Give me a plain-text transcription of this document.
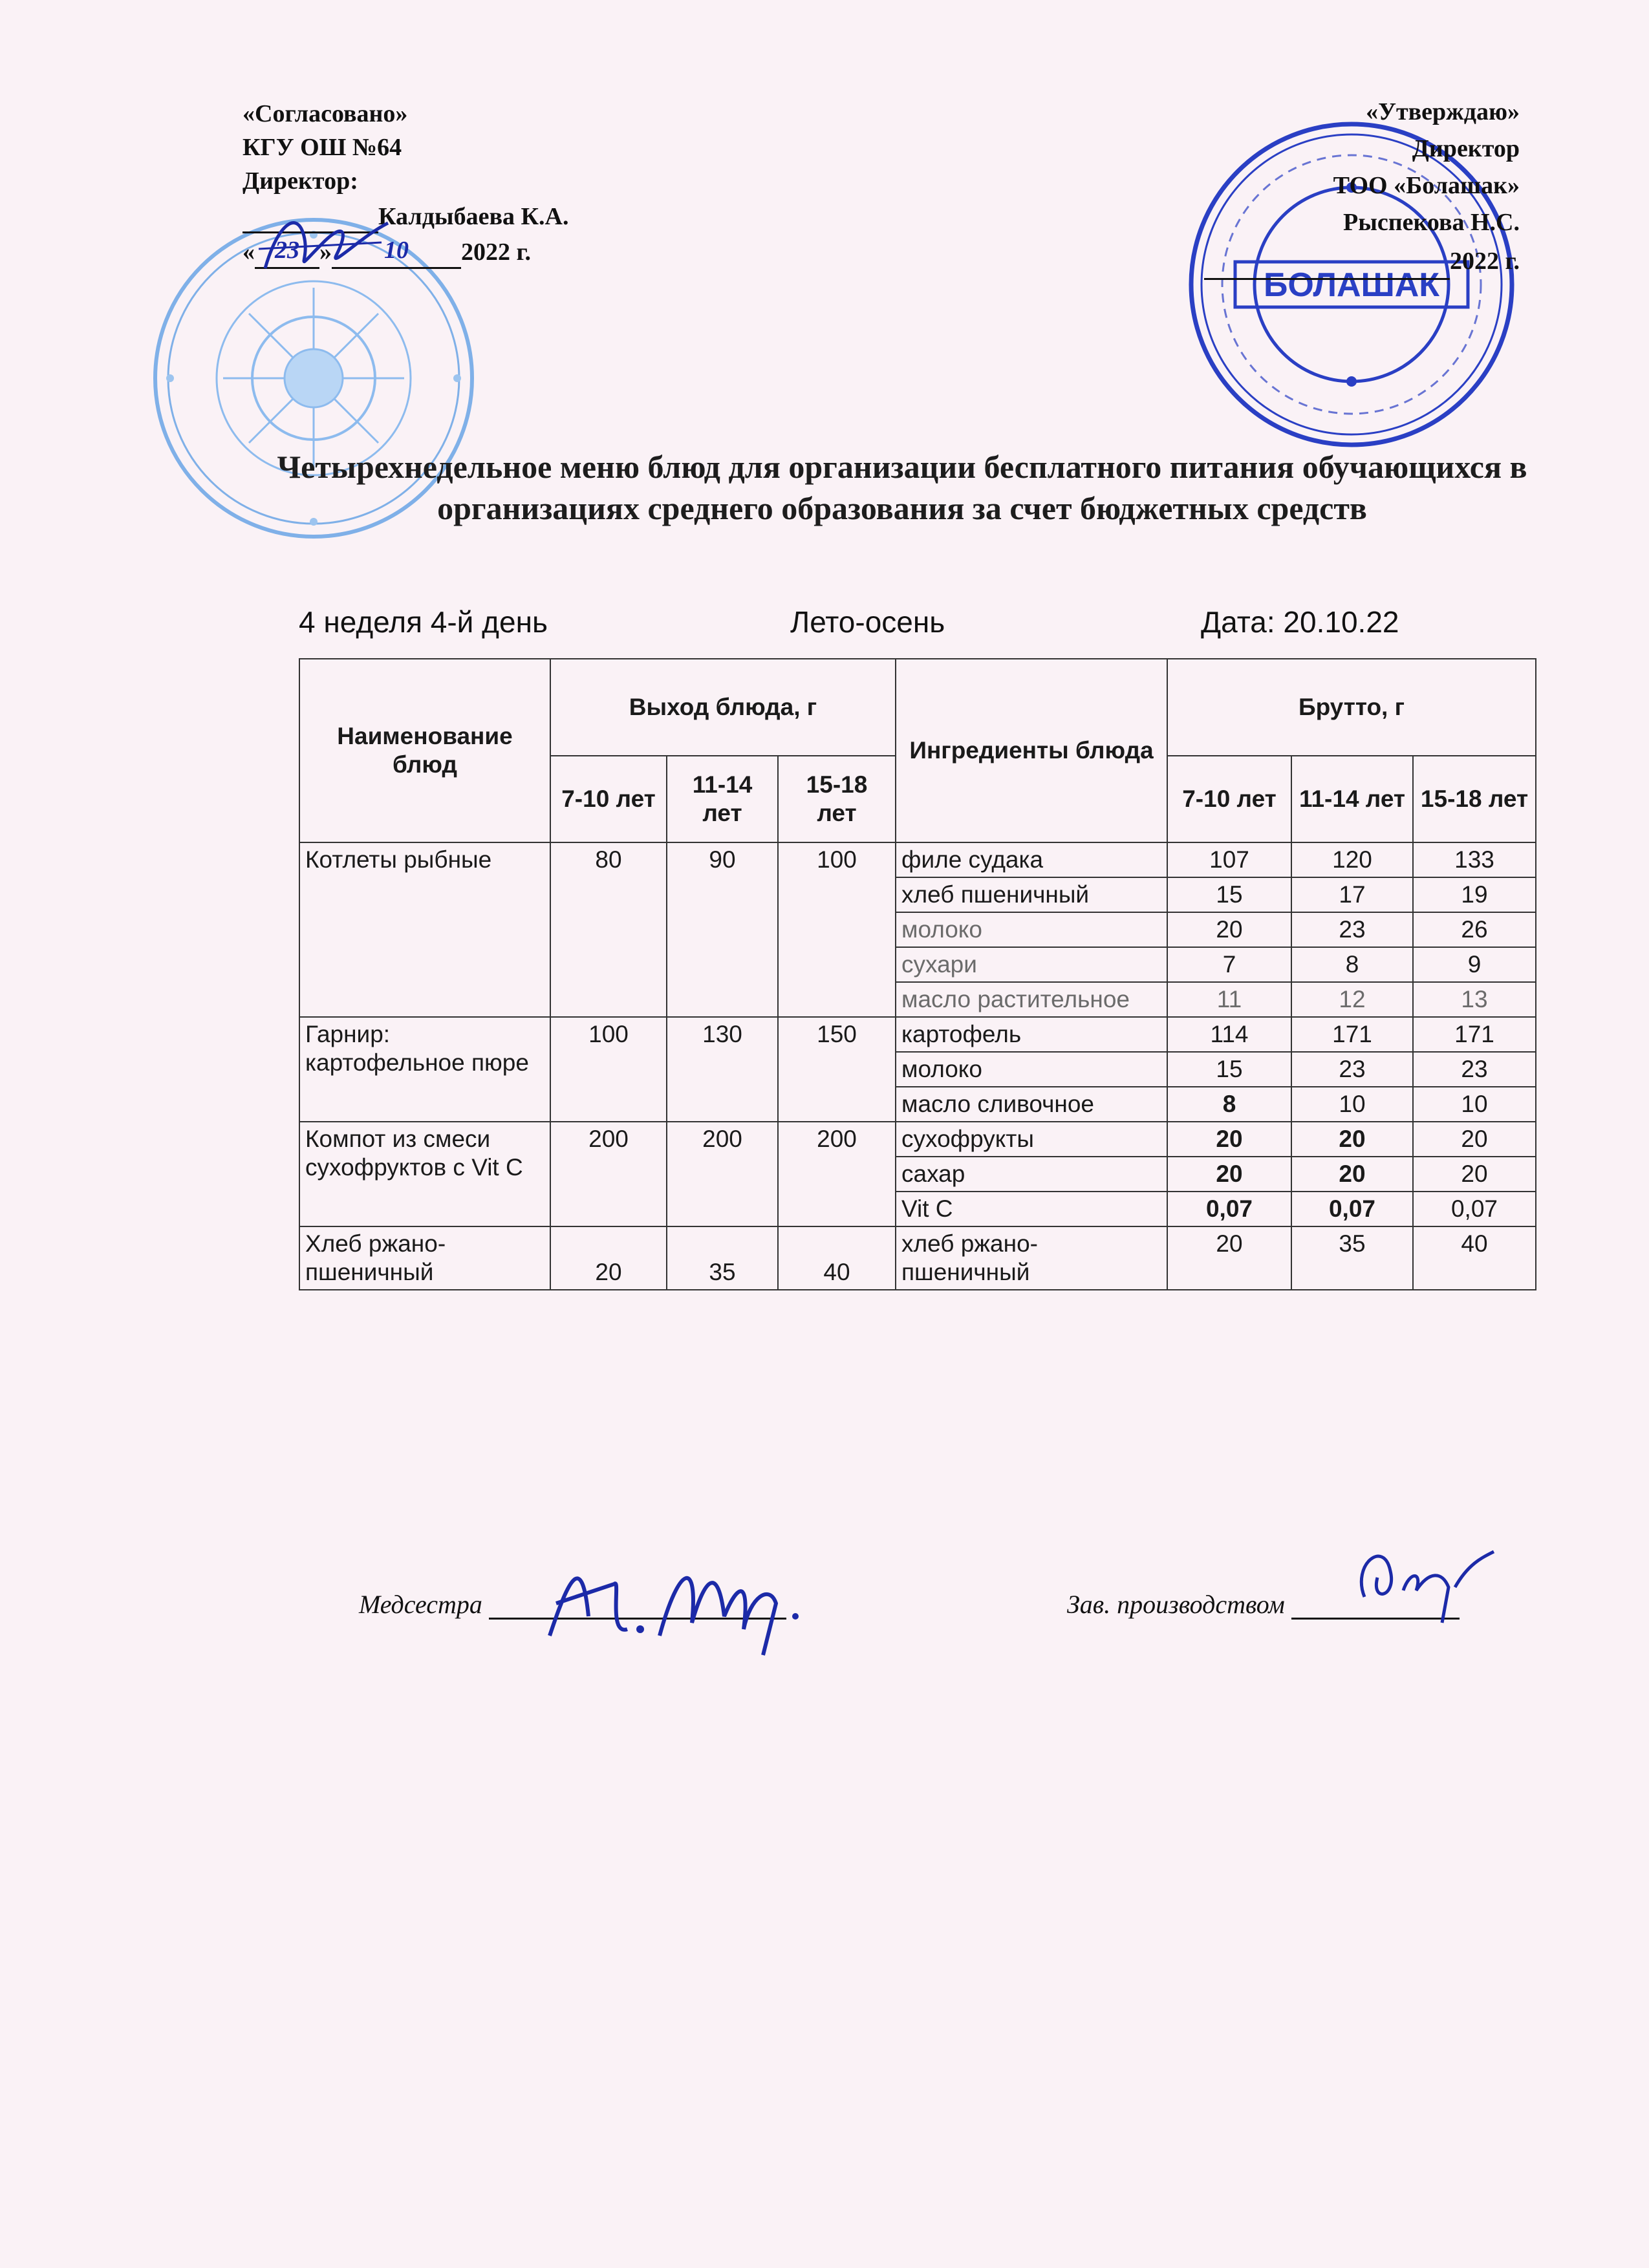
БОЛАШАК
«Согласовано»
КГУ ОШ №64
Директор:
Калдыбаева К.А.
« 23 » 10 2022 г.
«Утверждаю»
Директор
ТОО «Болашак»
Рыспекова Н.С.
2022 г.
Четырехнедельное меню блюд для организации бесплатного питания обучающихся в организациях среднего образования за счет бюджетных средств
4 неделя 4-й день	Лето-осень	Дата: 20.10.22
Наименование блюд	Выход блюда, г			Ингредиенты блюда	Брутто, г		
	7-10 лет	11-14 лет	15-18 лет		7-10 лет	11-14 лет	15-18 лет
Котлеты рыбные	80	90	100	филе судака	107	120	133
				хлеб пшеничный	15	17	19
				молоко	20	23	26
				сухари	7	8	9
				масло растительное	11	12	13
Гарнир: картофельное пюре	100	130	150	картофель	114	171	171
				молоко	15	23	23
				масло сливочное	8	10	10
Компот из смеси сухофруктов с Vit C	200	200	200	сухофрукты	20	20	20
				сахар	20	20	20
				Vit C	0,07	0,07	0,07
Хлеб ржано-пшеничный	20	35	40	хлеб ржано-пшеничный	20	35	40
Медсестра	Зав. производством
